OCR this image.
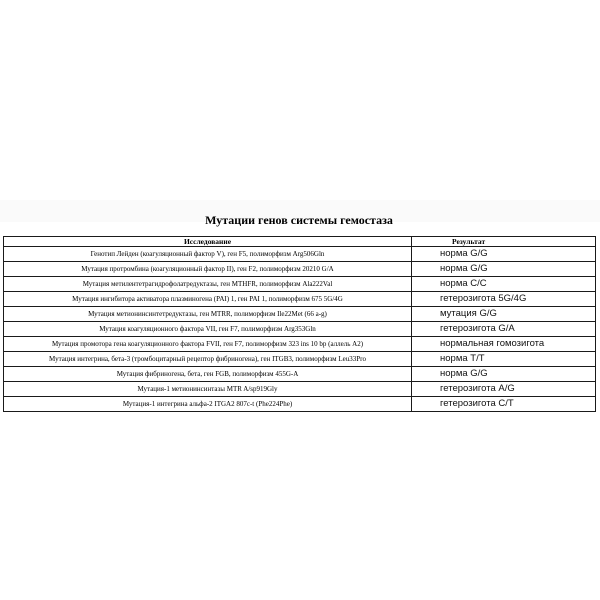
Мутации генов системы гемостаза
Исследование	Результат
Генотип Лейден (коагуляционный фактор V), ген F5, полиморфизм Arg506Gln	норма G/G
Мутация протромбина (коагуляционный фактор II), ген F2, полиморфизм 20210 G/A	норма G/G
Мутация метилентетрагидрофолатредуктазы, ген MTHFR, полиморфизм Ala222Val	норма C/C
Мутация ингибитора активатора плазминогена (PAI) 1, ген PAI 1, полиморфизм 675 5G/4G	гетерозигота 5G/4G
Мутация метионинсинтетредуктазы, ген MTRR, полиморфизм Ile22Met (66 a-g)	мутация G/G
Мутация коагуляционного фактора VII, ген F7, полиморфизм Arg353Gln	гетерозигота G/A
Мутация промотора гена коагуляционного фактора FVII, ген F7, полиморфизм 323 ins 10 bp (аллель A2)	нормальная гомозигота
Мутация интегрина, бета-3 (тромбоцитарный рецептор фибриногена), ген ITGB3, полиморфизм Leu33Pro	норма T/T
Мутация фибриногена, бета, ген FGB, полиморфизм 455G-A	норма G/G
Мутация-1 метионинсинтазы MTR A/sp919Gly	гетерозигота A/G
Мутация-1 интегрина альфа-2 ITGA2 807c-t (Phe224Phe)	гетерозигота C/T
